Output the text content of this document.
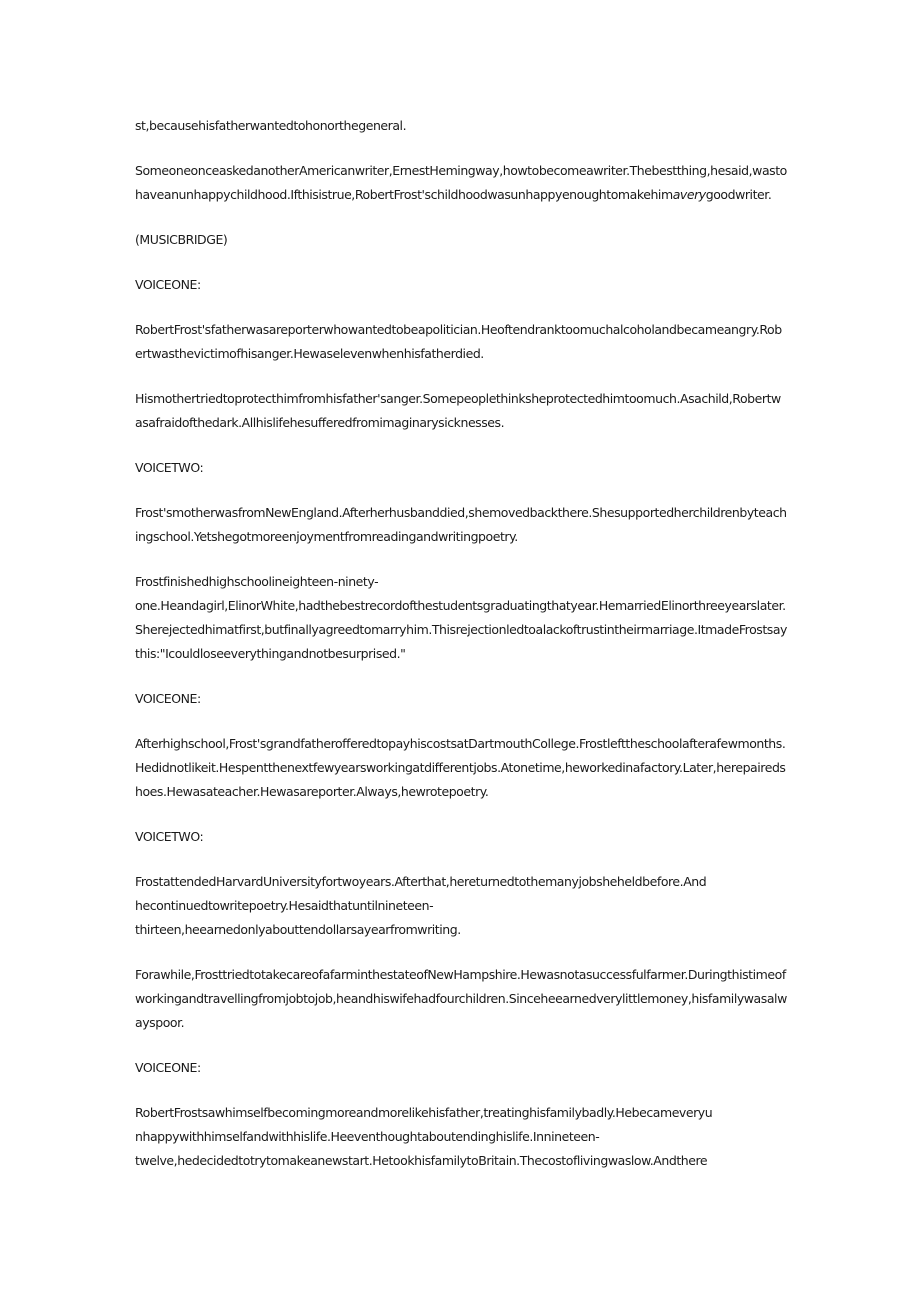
st,becausehisfatherwantedtohonorthegeneral.

SomeoneonceaskedanotherAmericanwriter,ErnestHemingway,howtobecomeawriter.Thebestthing,hesaid,wastohaveanunhappychildhood.Ifthisistrue,RobertFrost'schildhoodwasunhappyenoughtomakehimaverygoodwriter.

(MUSICBRIDGE)

VOICEONE:

RobertFrost'sfatherwasareporterwhowantedtobeapolitician.Heoftendranktoomuchalcoholandbecameangry.Robertwasthevictimofhisanger.Hewaselevenwhenhisfatherdied.

Hismothertriedtoprotecthimfromhisfather'sanger.Somepeoplethinksheprotectedhimtoomuch.Asachild,Robertwasafraidofthedark.Allhislifehesufferedfromimaginarysicknesses.

VOICETWO:

Frost'smotherwasfromNewEngland.Afterherhusbanddied,shemovedbackthere.Shesupportedherchildrenbyteachingschool.Yetshegotmoreenjoymentfromreadingandwritingpoetry.

Frostfinishedhighschoolineighteen-ninety-
one.Heandagirl,ElinorWhite,hadthebestrecordofthestudentsgraduatingthatyear.HemarriedElinorthreeyearslater.Sherejectedhimatfirst,butfinallyagreedtomarryhim.Thisrejectionledtoalackoftrustintheirmarriage.ItmadeFrostsaythis:"Icouldloseeverythingandnotbesurprised."

VOICEONE:

Afterhighschool,Frost'sgrandfatherofferedtopayhiscostsatDartmouthCollege.Frostlefttheschoolafterafewmonths.Hedidnotlikeit.Hespentthenextfewyearsworkingatdifferentjobs.Atonetime,heworkedinafactory.Later,herepairedshoes.Hewasateacher.Hewasareporter.Always,hewrotepoetry.

VOICETWO:

FrostattendedHarvardUniversityfortwoyears.Afterthat,hereturnedtothemanyjobsheheldbefore.And
hecontinuedtowritepoetry.Hesaidthatuntilnineteen-
thirteen,heearnedonlyabouttendollarsayearfromwriting.

Forawhile,FrosttriedtotakecareofafarminthestateofNewHampshire.Hewasnotasuccessfulfarmer.Duringthistimeofworkingandtravellingfromjobtojob,heandhiswifehadfourchildren.Sinceheearnedverylittlemoney,hisfamilywasalwayspoor.

VOICEONE:

RobertFrostsawhimselfbecomingmoreandmorelikehisfather,treatinghisfamilybadly.Hebecameveryu
nhappywithhimselfandwithhislife.Heeventhoughtaboutendinghislife.Innineteen-
twelve,hedecidedtotrytomakeanewstart.HetookhisfamilytoBritain.Thecostoflivingwaslow.Andthere
